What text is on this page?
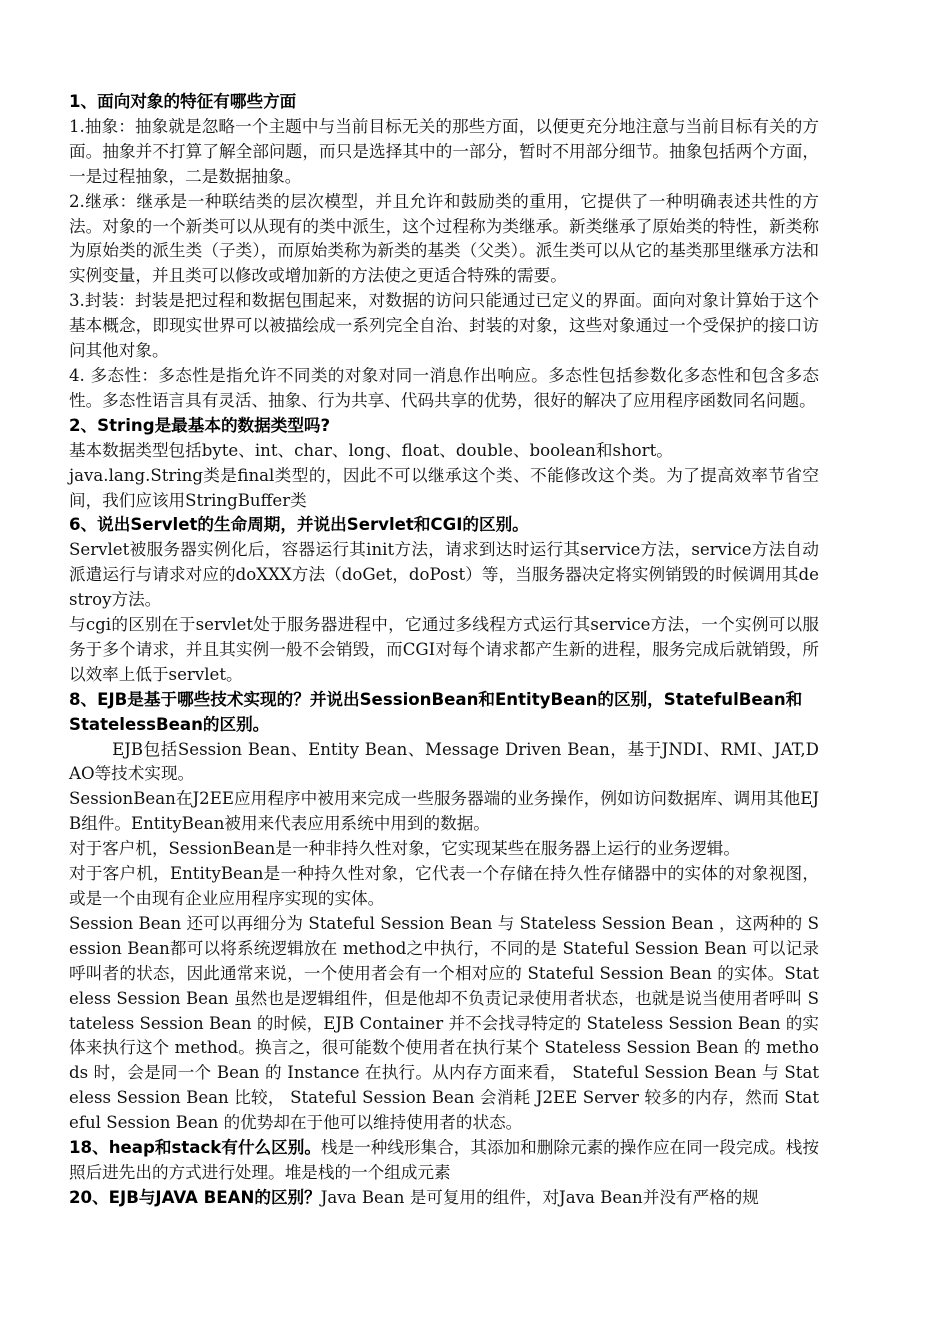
1、面向对象的特征有哪些方面

1.抽象：抽象就是忽略一个主题中与当前目标无关的那些方面，以便更充分地注意与当前目标有关的方面。抽象并不打算了解全部问题，而只是选择其中的一部分，暂时不用部分细节。抽象包括两个方面，一是过程抽象，二是数据抽象。

2.继承：继承是一种联结类的层次模型，并且允许和鼓励类的重用，它提供了一种明确表述共性的方法。对象的一个新类可以从现有的类中派生，这个过程称为类继承。新类继承了原始类的特性，新类称为原始类的派生类（子类），而原始类称为新类的基类（父类）。派生类可以从它的基类那里继承方法和实例变量，并且类可以修改或增加新的方法使之更适合特殊的需要。

3.封装：封装是把过程和数据包围起来，对数据的访问只能通过已定义的界面。面向对象计算始于这个基本概念，即现实世界可以被描绘成一系列完全自治、封装的对象，这些对象通过一个受保护的接口访问其他对象。

4. 多态性：多态性是指允许不同类的对象对同一消息作出响应。多态性包括参数化多态性和包含多态性。多态性语言具有灵活、抽象、行为共享、代码共享的优势，很好的解决了应用程序函数同名问题。

2、String是最基本的数据类型吗?

基本数据类型包括byte、int、char、long、float、double、boolean和short。

java.lang.String类是final类型的，因此不可以继承这个类、不能修改这个类。为了提高效率节省空间，我们应该用StringBuffer类

6、说出Servlet的生命周期，并说出Servlet和CGI的区别。

Servlet被服务器实例化后，容器运行其init方法，请求到达时运行其service方法，service方法自动派遣运行与请求对应的doXXX方法（doGet，doPost）等，当服务器决定将实例销毁的时候调用其destroy方法。

与cgi的区别在于servlet处于服务器进程中，它通过多线程方式运行其service方法，一个实例可以服务于多个请求，并且其实例一般不会销毁，而CGI对每个请求都产生新的进程，服务完成后就销毁，所以效率上低于servlet。

8、EJB是基于哪些技术实现的？并说出SessionBean和EntityBean的区别，StatefulBean和StatelessBean的区别。

EJB包括Session Bean、Entity Bean、Message Driven Bean，基于JNDI、RMI、JAT,DAO等技术实现。

SessionBean在J2EE应用程序中被用来完成一些服务器端的业务操作，例如访问数据库、调用其他EJB组件。EntityBean被用来代表应用系统中用到的数据。

对于客户机，SessionBean是一种非持久性对象，它实现某些在服务器上运行的业务逻辑。

对于客户机，EntityBean是一种持久性对象，它代表一个存储在持久性存储器中的实体的对象视图，或是一个由现有企业应用程序实现的实体。

Session Bean 还可以再细分为 Stateful Session Bean 与 Stateless Session Bean ，这两种的 Session Bean都可以将系统逻辑放在 method之中执行，不同的是 Stateful Session Bean 可以记录呼叫者的状态，因此通常来说，一个使用者会有一个相对应的 Stateful Session Bean 的实体。Stateless Session Bean 虽然也是逻辑组件，但是他却不负责记录使用者状态，也就是说当使用者呼叫 Stateless Session Bean 的时候，EJB Container 并不会找寻特定的 Stateless Session Bean 的实体来执行这个 method。换言之，很可能数个使用者在执行某个 Stateless Session Bean 的 methods 时，会是同一个 Bean 的 Instance 在执行。从内存方面来看， Stateful Session Bean 与 Stateless Session Bean 比较， Stateful Session Bean 会消耗 J2EE Server 较多的内存，然而 Stateful Session Bean 的优势却在于他可以维持使用者的状态。

18、heap和stack有什么区别。栈是一种线形集合，其添加和删除元素的操作应在同一段完成。栈按照后进先出的方式进行处理。堆是栈的一个组成元素

20、EJB与JAVA BEAN的区别？Java Bean 是可复用的组件，对Java Bean并没有严格的规
